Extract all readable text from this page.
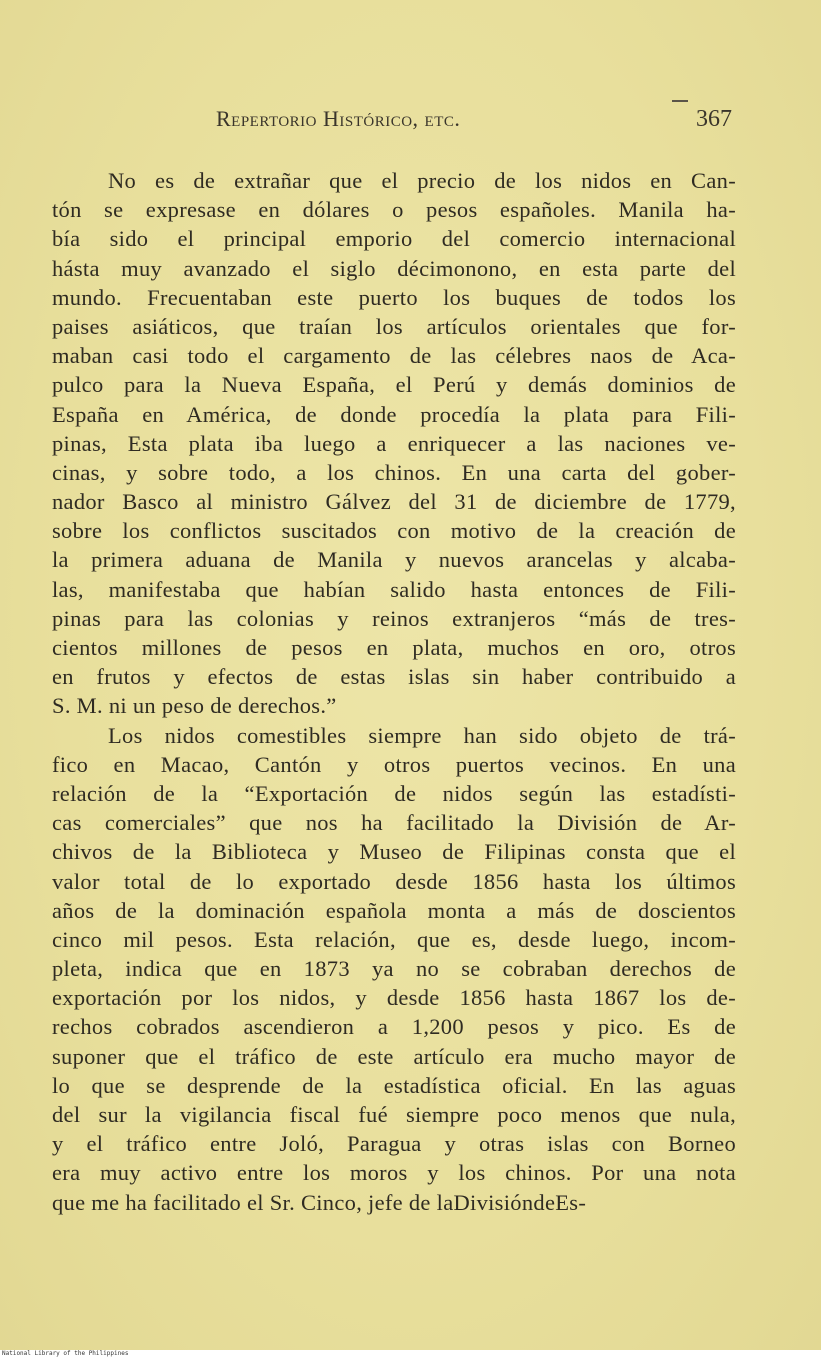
Repertorio Histórico, etc.	367
No es de extrañar que el precio de los nidos en Can-
tón se expresase en dólares o pesos españoles. Manila ha-
bía sido el principal emporio del comercio internacional
hásta muy avanzado el siglo décimonono, en esta parte del
mundo. Frecuentaban este puerto los buques de todos los
paises asiáticos, que traían los artículos orientales que for-
maban casi todo el cargamento de las célebres naos de Aca-
pulco para la Nueva España, el Perú y demás dominios de
España en América, de donde procedía la plata para Fili-
pinas, Esta plata iba luego a enriquecer a las naciones ve-
cinas, y sobre todo, a los chinos. En una carta del gober-
nador Basco al ministro Gálvez del 31 de diciembre de 1779,
sobre los conflictos suscitados con motivo de la creación de
la primera aduana de Manila y nuevos arancelas y alcaba-
las, manifestaba que habían salido hasta entonces de Fili-
pinas para las colonias y reinos extranjeros “más de tres-
cientos millones de pesos en plata, muchos en oro, otros
en frutos y efectos de estas islas sin haber contribuido a
S. M. ni un peso de derechos.”
Los nidos comestibles siempre han sido objeto de trá-
fico en Macao, Cantón y otros puertos vecinos. En una
relación de la “Exportación de nidos según las estadísti-
cas comerciales” que nos ha facilitado la División de Ar-
chivos de la Biblioteca y Museo de Filipinas consta que el
valor total de lo exportado desde 1856 hasta los últimos
años de la dominación española monta a más de doscientos
cinco mil pesos. Esta relación, que es, desde luego, incom-
pleta, indica que en 1873 ya no se cobraban derechos de
exportación por los nidos, y desde 1856 hasta 1867 los de-
rechos cobrados ascendieron a 1,200 pesos y pico. Es de
suponer que el tráfico de este artículo era mucho mayor de
lo que se desprende de la estadística oficial. En las aguas
del sur la vigilancia fiscal fué siempre poco menos que nula,
y el tráfico entre Joló, Paragua y otras islas con Borneo
era muy activo entre los moros y los chinos. Por una nota
que me ha facilitado el Sr. Cinco, jefe de laDivisióndeEs-
National Library of the Philippines
